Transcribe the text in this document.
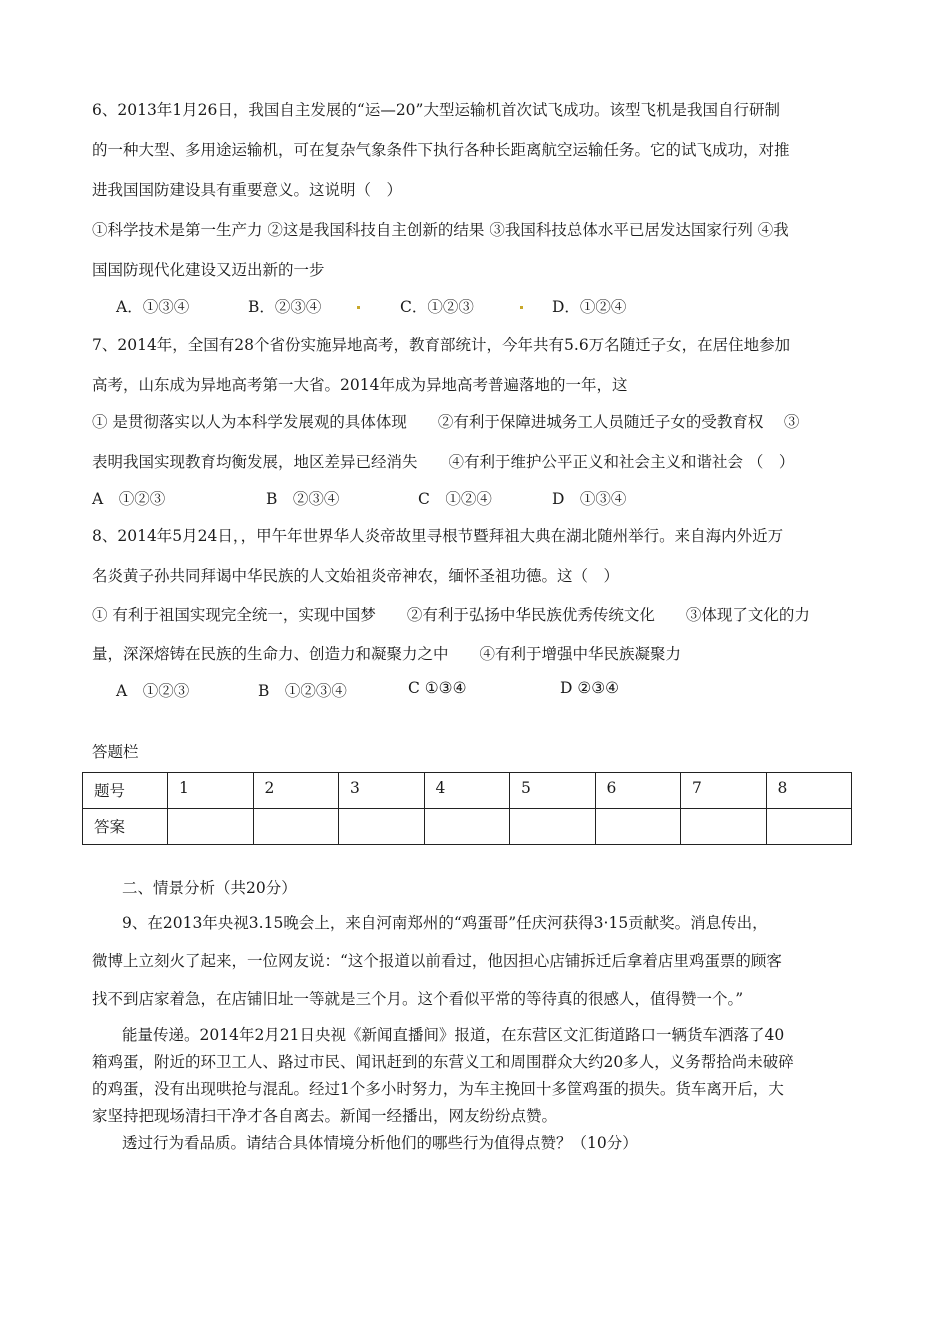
6、2013年1月26日，我国自主发展的“运—20”大型运输机首次试飞成功。该型飞机是我国自行研制
的一种大型、多用途运输机，可在复杂气象条件下执行各种长距离航空运输任务。它的试飞成功，对推
进我国国防建设具有重要意义。这说明（　）
①科学技术是第一生产力 ②这是我国科技自主创新的结果 ③我国科技总体水平已居发达国家行列 ④我
国国防现代化建设又迈出新的一步
A．①③④	B．②③④	C．①②③	D．①②④
7、2014年，全国有28个省份实施异地高考，教育部统计，今年共有5.6万名随迁子女，在居住地参加
高考，山东成为异地高考第一大省。2014年成为异地高考普遍落地的一年，这
① 是贯彻落实以人为本科学发展观的具体体现　　②有利于保障进城务工人员随迁子女的受教育权　 ③
表明我国实现教育均衡发展，地区差异已经消失　　④有利于维护公平正义和社会主义和谐社会 （　）
A　①②③	B　②③④	C　①②④	D　①③④
8、2014年5月24日，，甲午年世界华人炎帝故里寻根节暨拜祖大典在湖北随州举行。来自海内外近万
名炎黄子孙共同拜谒中华民族的人文始祖炎帝神农，缅怀圣祖功德。这（　）
① 有利于祖国实现完全统一，实现中国梦　　②有利于弘扬中华民族优秀传统文化　　③体现了文化的力
量，深深熔铸在民族的生命力、创造力和凝聚力之中　　④有利于增强中华民族凝聚力
A　①②③	B　①②③④	C ①③④	D ②③④
答题栏
题号	1	2	3	4	5	6	7	8
答案								
二、情景分析（共20分）
9、在2013年央视3.15晚会上，来自河南郑州的“鸡蛋哥”任庆河获得3·15贡献奖。消息传出，
微博上立刻火了起来，一位网友说：“这个报道以前看过，他因担心店铺拆迁后拿着店里鸡蛋票的顾客
找不到店家着急，在店铺旧址一等就是三个月。这个看似平常的等待真的很感人，值得赞一个。”
能量传递。2014年2月21日央视《新闻直播间》报道，在东营区文汇街道路口一辆货车洒落了40
箱鸡蛋，附近的环卫工人、路过市民、闻讯赶到的东营义工和周围群众大约20多人，义务帮拾尚未破碎
的鸡蛋，没有出现哄抢与混乱。经过1个多小时努力，为车主挽回十多筐鸡蛋的损失。货车离开后，大
家坚持把现场清扫干净才各自离去。新闻一经播出，网友纷纷点赞。
透过行为看品质。请结合具体情境分析他们的哪些行为值得点赞？（10分）
